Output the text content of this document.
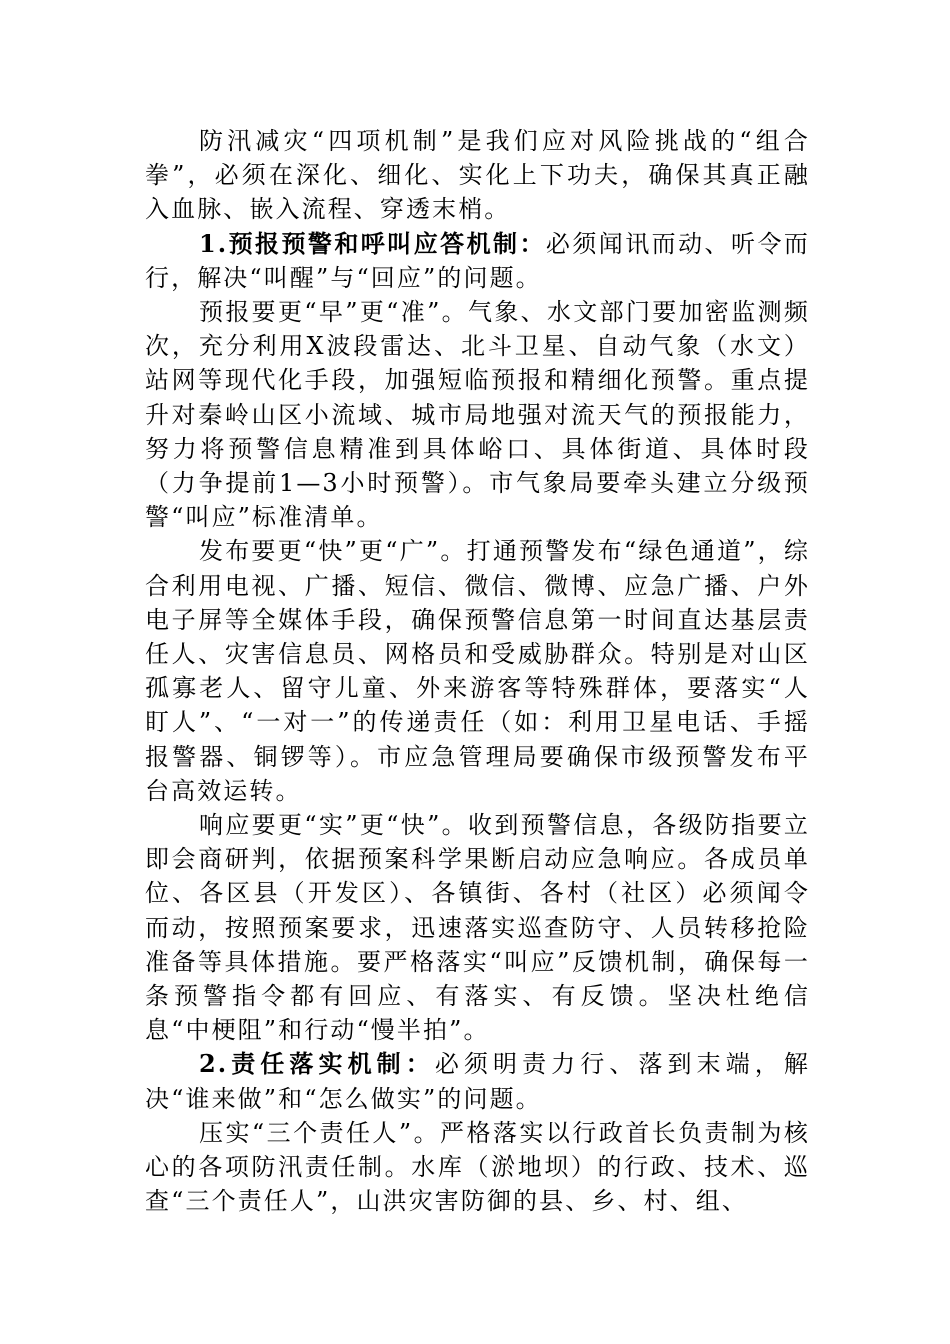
防汛减灾“四项机制”是我们应对风险挑战的“组合拳”，必须在深化、细化、实化上下功夫，确保其真正融入血脉、嵌入流程、穿透末梢。

1.预报预警和呼叫应答机制：必须闻讯而动、听令而行，解决“叫醒”与“回应”的问题。

预报要更“早”更“准”。气象、水文部门要加密监测频次，充分利用X波段雷达、北斗卫星、自动气象（水文）站网等现代化手段，加强短临预报和精细化预警。重点提升对秦岭山区小流域、城市局地强对流天气的预报能力，努力将预警信息精准到具体峪口、具体街道、具体时段（力争提前1—3小时预警）。市气象局要牵头建立分级预警“叫应”标准清单。

发布要更“快”更“广”。打通预警发布“绿色通道”，综合利用电视、广播、短信、微信、微博、应急广播、户外电子屏等全媒体手段，确保预警信息第一时间直达基层责任人、灾害信息员、网格员和受威胁群众。特别是对山区孤寡老人、留守儿童、外来游客等特殊群体，要落实“人盯人”、“一对一”的传递责任（如：利用卫星电话、手摇报警器、铜锣等）。市应急管理局要确保市级预警发布平台高效运转。

响应要更“实”更“快”。收到预警信息，各级防指要立即会商研判，依据预案科学果断启动应急响应。各成员单位、各区县（开发区）、各镇街、各村（社区）必须闻令而动，按照预案要求，迅速落实巡查防守、人员转移抢险准备等具体措施。要严格落实“叫应”反馈机制，确保每一条预警指令都有回应、有落实、有反馈。坚决杜绝信息“中梗阻”和行动“慢半拍”。

2.责任落实机制：必须明责力行、落到末端，解决“谁来做”和“怎么做实”的问题。

压实“三个责任人”。严格落实以行政首长负责制为核心的各项防汛责任制。水库（淤地坝）的行政、技术、巡查“三个责任人”，山洪灾害防御的县、乡、村、组、
